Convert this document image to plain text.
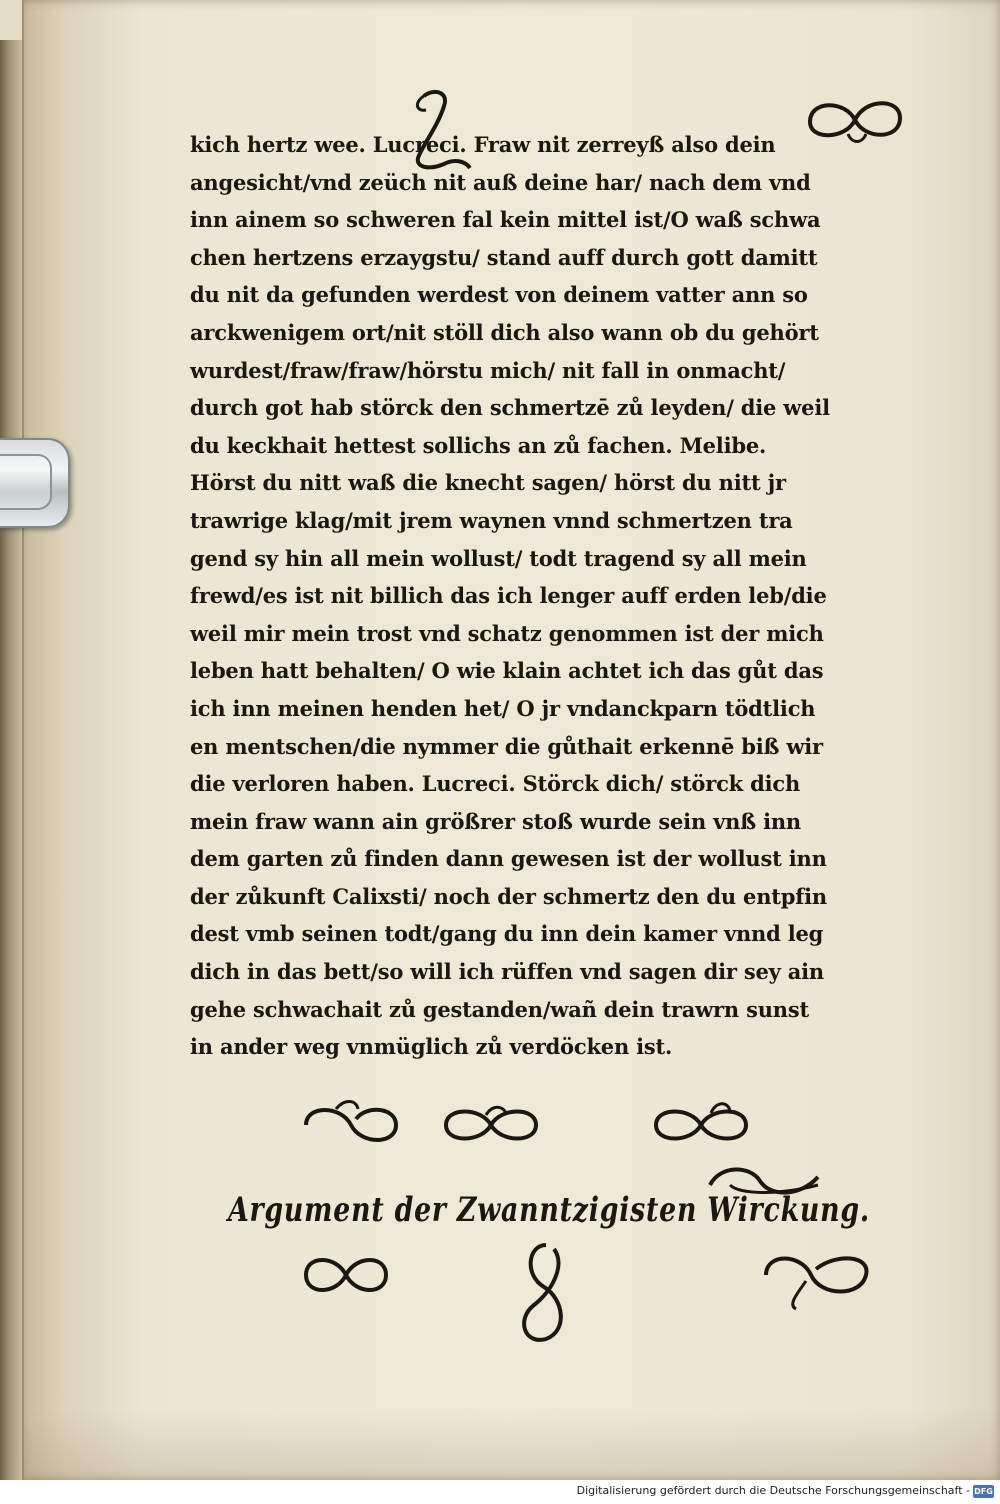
kich hertz wee. Lucreci. Fraw nit zerreyß also dein
angesicht/vnd zeüch nit auß deine har/ nach dem vnd
inn ainem so schweren fal kein mittel ist/O waß schwa
chen hertzens erzaygstu/ stand auff durch gott damitt
du nit da gefunden werdest von deinem vatter ann so
arckwenigem ort/nit stöll dich also wann ob du gehört
wurdest/fraw/fraw/hörstu mich/ nit fall in onmacht/
durch got hab störck den schmertzē zů leyden/ die weil
du keckhait hettest sollichs an zů fachen. Melibe.
Hörst du nitt waß die knecht sagen/ hörst du nitt jr
trawrige klag/mit jrem waynen vnnd schmertzen tra
gend sy hin all mein wollust/ todt tragend sy all mein
frewd/es ist nit billich das ich lenger auff erden leb/die
weil mir mein trost vnd schatz genommen ist der mich
leben hatt behalten/ O wie klain achtet ich das gůt das
ich inn meinen henden het/ O jr vndanckparn tödtlich
en mentschen/die nymmer die gůthait erkennē biß wir
die verloren haben. Lucreci. Störck dich/ störck dich
mein fraw wann ain größrer stoß wurde sein vnß inn
dem garten zů finden dann gewesen ist der wollust inn
der zůkunft Calixsti/ noch der schmertz den du entpfin
dest vmb seinen todt/gang du inn dein kamer vnnd leg
dich in das bett/so will ich rüffen vnd sagen dir sey ain
gehe schwachait zů gestanden/wañ dein trawrn sunst
in ander weg vnmüglich zů verdöcken ist.
Argument der Zwanntzigisten Wirckung.
Digitalisierung gefördert durch die Deutsche Forschungsgemeinschaft - DFG
